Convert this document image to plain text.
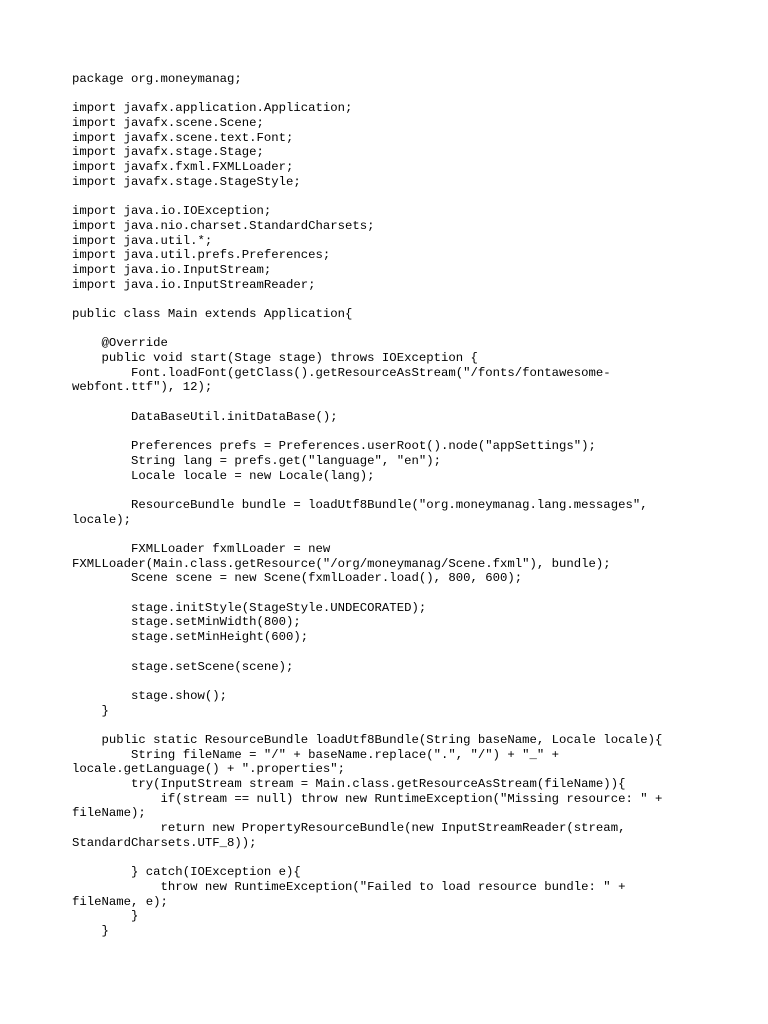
package org.moneymanag;
import javafx.application.Application;
import javafx.scene.Scene;
import javafx.scene.text.Font;
import javafx.stage.Stage;
import javafx.fxml.FXMLLoader;
import javafx.stage.StageStyle;
import java.io.IOException;
import java.nio.charset.StandardCharsets;
import java.util.*;
import java.util.prefs.Preferences;
import java.io.InputStream;
import java.io.InputStreamReader;
public class Main extends Application{
@Override
public void start(Stage stage) throws IOException {
Font.loadFont(getClass().getResourceAsStream("/fonts/fontawesome-
webfont.ttf"), 12);
DataBaseUtil.initDataBase();
Preferences prefs = Preferences.userRoot().node("appSettings");
String lang = prefs.get("language", "en");
Locale locale = new Locale(lang);
ResourceBundle bundle = loadUtf8Bundle("org.moneymanag.lang.messages",
locale);
FXMLLoader fxmlLoader = new
FXMLLoader(Main.class.getResource("/org/moneymanag/Scene.fxml"), bundle);
Scene scene = new Scene(fxmlLoader.load(), 800, 600);
stage.initStyle(StageStyle.UNDECORATED);
stage.setMinWidth(800);
stage.setMinHeight(600);
stage.setScene(scene);
stage.show();
}
public static ResourceBundle loadUtf8Bundle(String baseName, Locale locale){
String fileName = "/" + baseName.replace(".", "/") + "_" +
locale.getLanguage() + ".properties";
try(InputStream stream = Main.class.getResourceAsStream(fileName)){
if(stream == null) throw new RuntimeException("Missing resource: " +
fileName);
return new PropertyResourceBundle(new InputStreamReader(stream,
StandardCharsets.UTF_8));
} catch(IOException e){
throw new RuntimeException("Failed to load resource bundle: " +
fileName, e);
}
}
